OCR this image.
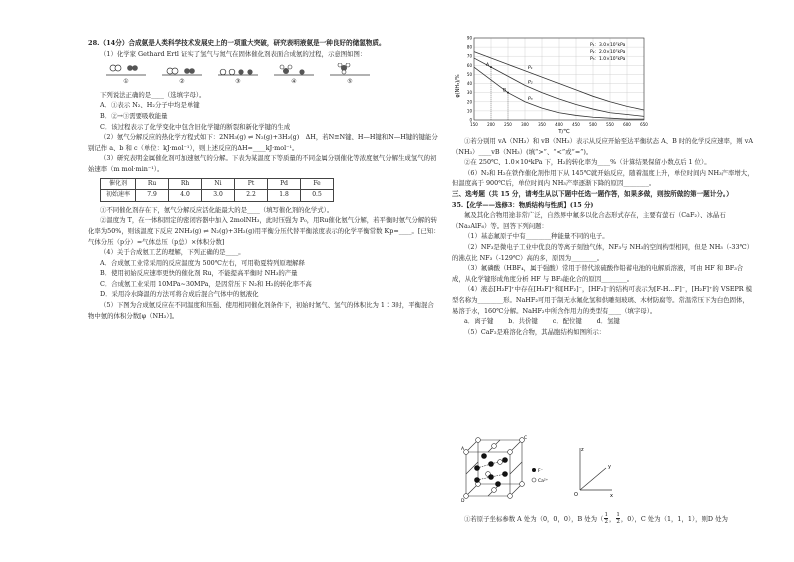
28.（14分）合成氨是人类科学技术发展史上的一项重大突破，研究表明液氨是一种良好的储氢物质。

（1）化学家 Gethard Ertl 证实了氢气与氮气在固体催化剂表面合成氨的过程，示意图如图：

①	②	③	④	⑤

下列说法正确的是____（选填字母）。

A．①表示 N₂、H₂分子中均是单键

B．②→③需要吸收能量

C．该过程表示了化学变化中包含旧化学键的断裂和新化学键的生成

（2）氨气分解反应的热化学方程式如下：2NH₃(g) ⇌ N₂(g)+3H₂(g)　ΔH，若N≡N键、H—H键和N—H键的键能分别记作 a、b 和 c（单位：kJ·mol⁻¹），则上述反应的ΔH=____kJ·mol⁻¹。

（3）研究表明金属催化剂可加速氨气的分解。下表为某温度下等质量的不同金属分别催化等浓度氨气分解生成氢气的初始速率（m mol·min⁻¹）。

催化剂	Ru	Rh	Ni	Pt	Pd	Fe
初始速率	7.9	4.0	3.0	2.2	1.8	0.5

①不同催化剂存在下，氨气分解反应活化能最大的是____（填写催化剂的化学式）。

②温度为 T，在一体积固定的密闭容器中加入 2molNH₃，此时压强为 P₀，用Ru催化氨气分解，若平衡时氨气分解的转化率为50%，则该温度下反应 2NH₃(g) ⇌ N₂(g)+3H₂(g)用平衡分压代替平衡浓度表示的化学平衡常数 Kp=____。[已知：气体分压（p分）=气体总压（p总）×体积分数]

（4）关于合成氨工艺的理解，下列正确的是____。

A．合成氨工业常采用的反应温度为 500℃左右，可用勒夏特列原理解释

B．使用初始反应速率更快的催化剂 Ru，不能提高平衡时 NH₃的产量

C．合成氨工业采用 10MPa~30MPa，是因常压下 N₂和 H₂的转化率不高

D．采用冷水降温的方法可将合成后混合气体中的氨液化

（5）下图为合成氨反应在不同温度和压强、使用相同催化剂条件下，初始时氮气、氢气的体积比为 1∶3时，平衡混合物中氨的体积分数[φ（NH₃）]。

P₁
P₂
P₃
A
B
150 200 250 300 350 400 450 500 550 600 650
0
10
20
30
40
50
60
70
80
90
P₁：3.0×10⁷kPa
P₂：2.0×10⁷kPa
P₃：1.0×10⁷kPa
T/℃
φ(NH₃)/%

①若分别用 vA（NH₃）和 vB（NH₃）表示从反应开始至达平衡状态 A、B 时的化学反应速率，则 vA（NH₃）____vB（NH₃）(填“>”、“<”或“=”)。

②在 250℃、1.0×10⁴kPa 下，H₂的转化率为____%（计算结果保留小数点后 1 位）。

（6）N₂和 H₂在铁作催化剂作用下从 145℃就开始反应，随着温度上升，单位时间内 NH₃产率增大，但温度高于 900℃后，单位时间内 NH₃产率逐渐下降的原因________。

三、选考题（共 15 分，请考生从以下题中任选一题作答，如果多做，则按所做的第一题计分。）

35.【化学——选修3：物质结构与性质】(15 分)

氟及其化合物用途非常广泛，自然界中氟多以化合态形式存在，主要有萤石（CaF₂）、冰晶石（Na₃AlF₆）等。回答下列问题：

（1）基态氟原子中有________种能量不同的电子。

（2）NF₃是微电子工业中优良的等离子刻蚀气体，NF₃与 NH₃的空间构型相同，但是 NH₃（-33℃）的沸点比 NF₃（-129℃）高的多，原因为________。

（3）氟磷酸（HBF₄，属于强酸）常用于替代浓硫酸作铅蓄电池的电解质溶液，可由 HF 和 BF₃合成，从化学键形成角度分析 HF 与 BF₃能化合的原因________。

（4）液态[H₂F]⁺中存在[H₂F]⁺和[HF₂]⁻，[HF₂]⁻的结构可表示为[F-H…F]⁻，[H₂F]⁺的 VSEPR 模型名称为________形。NaHF₂可用于制无水氟化氢和供雕刻玻璃、木材防腐等。常温常压下为白色固体，易溶于水，160℃分解。NaHF₂中所含作用力的类型有____（填字母）。

a．离子键   b．共价键   c．配位键   d．氢键

（5）CaF₂是难溶化合物，其晶胞结构如图所示：

F⁻
Ca²⁺
A
C
D
z
y
x
O
①若原子坐标参数 A 处为（0，0，0），B 处为（ $\frac{1}{2}$ ， $\frac{1}{2}$ ，0），C 处为（1，1，1），则D 处为
